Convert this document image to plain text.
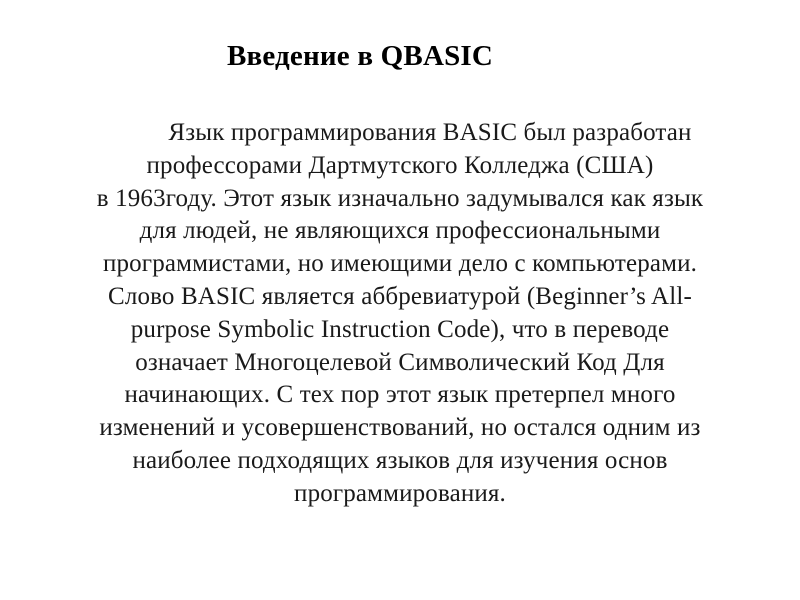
Введение в QBASIC
Язык программирования BASIC был разработан
профессорами Дартмутского Колледжа (США)
в 1963году. Этот язык изначально задумывался как язык
для людей, не являющихся профессиональными
программистами, но имеющими дело с компьютерами.
Слово BASIC является аббревиатурой (Beginner’s All-
purpose Symbolic Instruction Code), что в переводе
означает Многоцелевой Символический Код Для
начинающих. С тех пор этот язык претерпел много
изменений и усовершенствований, но остался одним из
наиболее подходящих языков для изучения основ
программирования.
